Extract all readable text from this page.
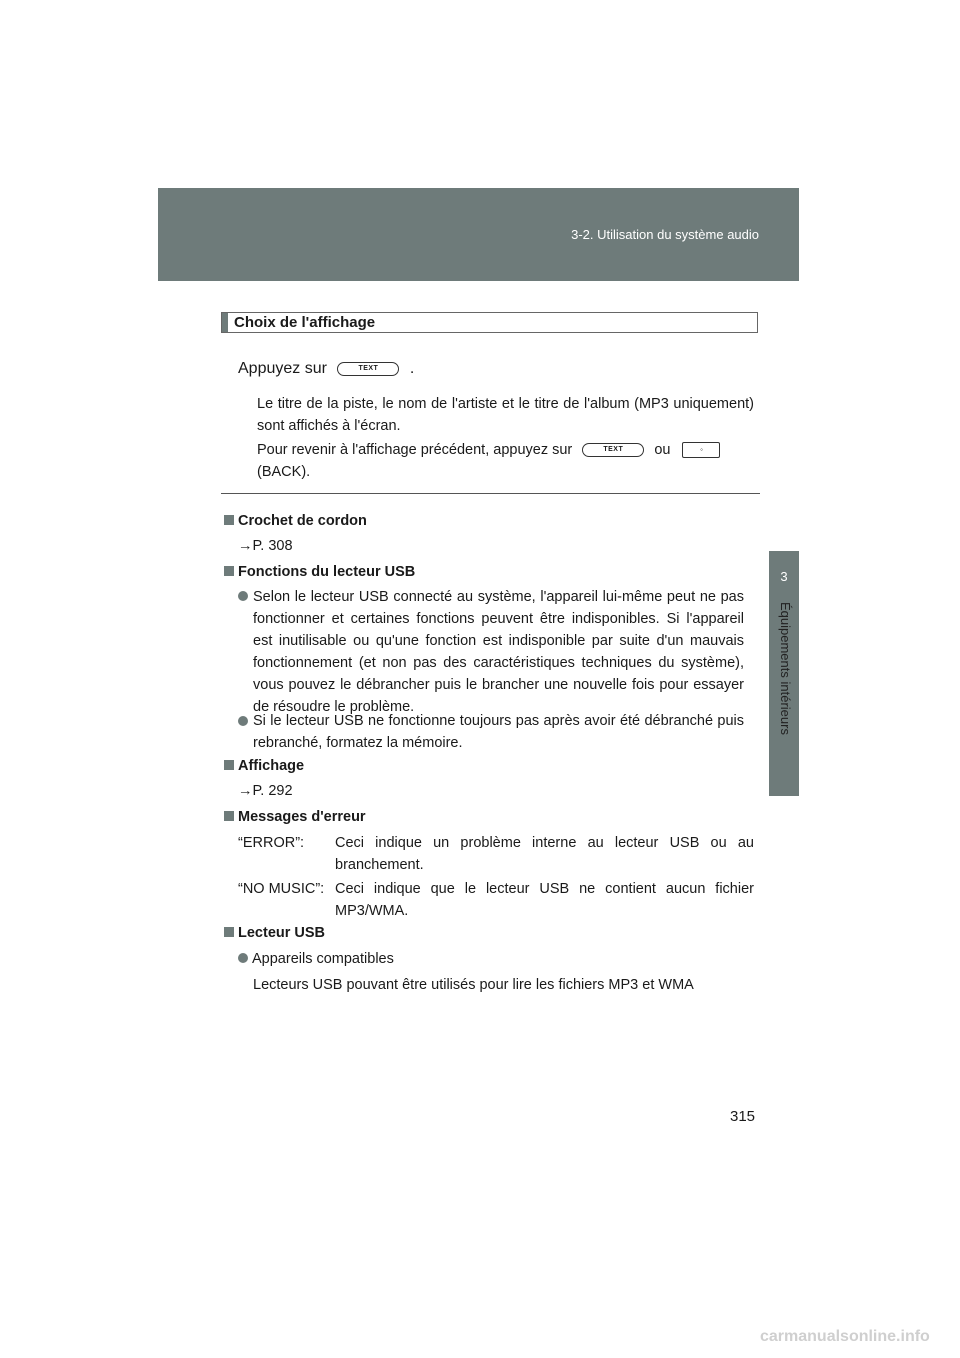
3-2. Utilisation du système audio
3
Équipements intérieurs
Choix de l'affichage
Appuyez sur	TEXT .
Le titre de la piste, le nom de l'artiste et le titre de l'album (MP3 uniquement) sont affichés à l'écran.
Pour revenir à l'affichage précédent, appuyez sur	TEXT ou	◦
(BACK).
Crochet de cordon
→P. 308
Fonctions du lecteur USB
Selon le lecteur USB connecté au système, l'appareil lui-même peut ne pas fonctionner et certaines fonctions peuvent être indisponibles. Si l'appareil est inutilisable ou qu'une fonction est indisponible par suite d'un mauvais fonctionnement (et non pas des caractéristiques techniques du système), vous pouvez le débrancher puis le brancher une nouvelle fois pour essayer de résoudre le problème.
Si le lecteur USB ne fonctionne toujours pas après avoir été débranché puis rebranché, formatez la mémoire.
Affichage
→P. 292
Messages d'erreur
“ERROR”: Ceci indique un problème interne au lecteur USB ou au branchement.
“NO MUSIC”: Ceci indique que le lecteur USB ne contient aucun fichier MP3/WMA.
Lecteur USB
Appareils compatibles
Lecteurs USB pouvant être utilisés pour lire les fichiers MP3 et WMA
315
carmanualsonline.info
